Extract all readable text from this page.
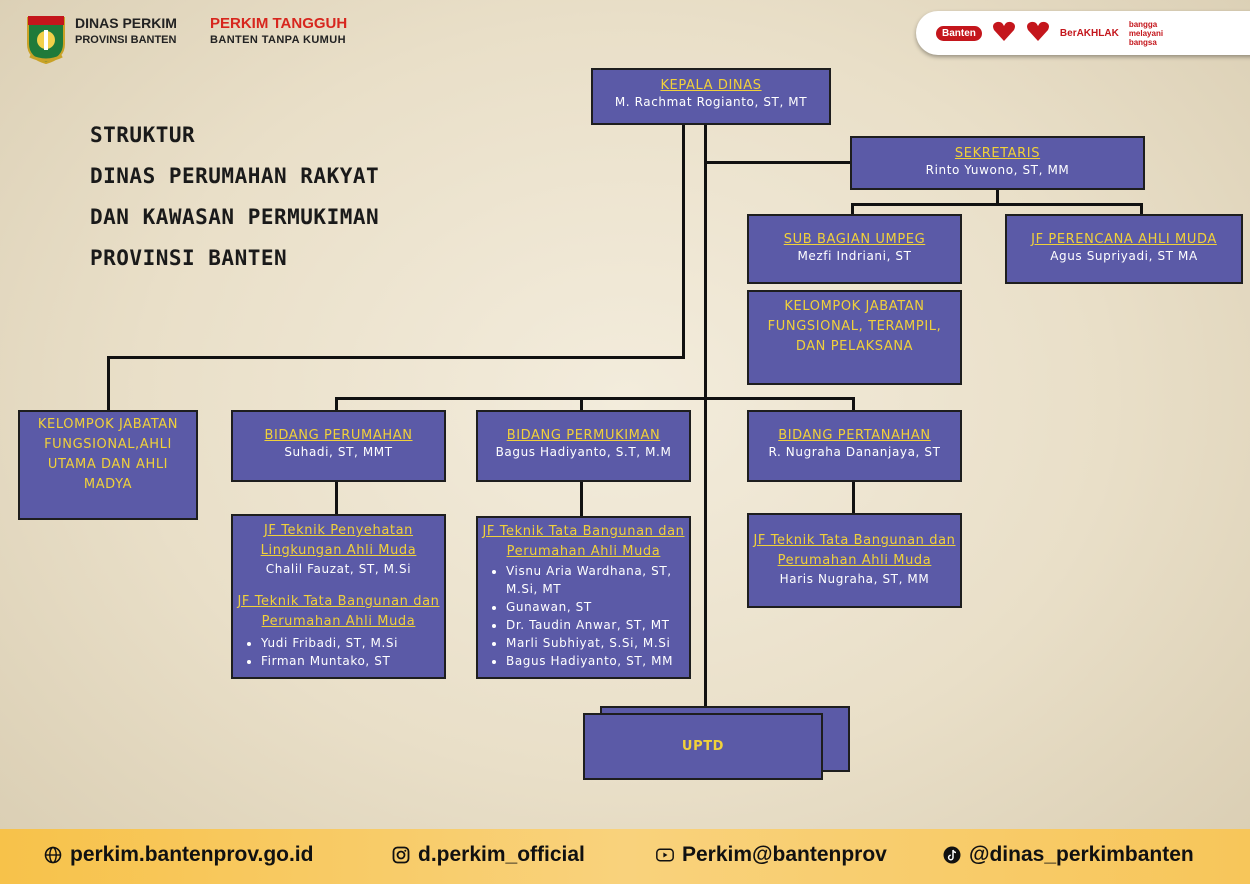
DINAS PERKIM
PROVINSI BANTEN
PERKIM TANGGUH
BANTEN TANPA KUMUH
Banten	BerAKHLAK
bangga melayani bangsa
STRUKTUR
DINAS PERUMAHAN RAKYAT
DAN KAWASAN PERMUKIMAN
PROVINSI BANTEN
KEPALA DINAS
M. Rachmat Rogianto, ST, MT
SEKRETARIS
Rinto Yuwono, ST, MM
SUB BAGIAN UMPEG
Mezfi Indriani, ST
JF PERENCANA AHLI MUDA
Agus Supriyadi, ST MA
KELOMPOK JABATAN FUNGSIONAL, TERAMPIL, DAN PELAKSANA
KELOMPOK JABATAN FUNGSIONAL,AHLI UTAMA DAN AHLI MADYA
BIDANG PERUMAHAN
Suhadi, ST, MMT
BIDANG PERMUKIMAN
Bagus Hadiyanto, S.T, M.M
BIDANG PERTANAHAN
R. Nugraha Dananjaya, ST
JF Teknik Penyehatan Lingkungan Ahli Muda
Chalil Fauzat, ST, M.Si
JF Teknik Tata Bangunan dan Perumahan Ahli Muda
• Yudi Fribadi, ST, M.Si
• Firman Muntako, ST
JF Teknik Tata Bangunan dan Perumahan Ahli Muda
• Visnu Aria Wardhana, ST, M.Si, MT
• Gunawan, ST
• Dr. Taudin Anwar, ST, MT
• Marli Subhiyat, S.Si, M.Si
• Bagus Hadiyanto, ST, MM
JF Teknik Tata Bangunan dan Perumahan Ahli Muda
Haris Nugraha, ST, MM
UPTD
perkim.bantenprov.go.id	d.perkim_official	Perkim@bantenprov	@dinas_perkimbanten
